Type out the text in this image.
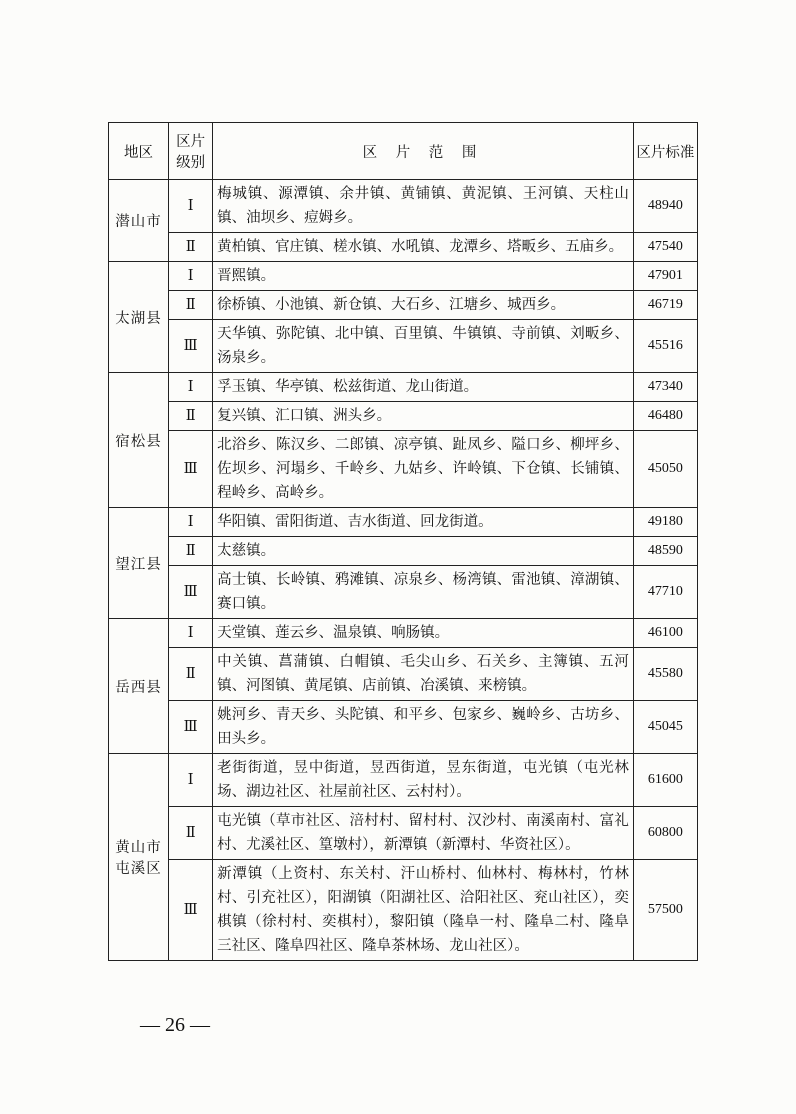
地区	区片级别	区 片 范 围	区片标准
潜山市	Ⅰ	梅城镇、源潭镇、余井镇、黄铺镇、黄泥镇、王河镇、天柱山镇、油坝乡、痘姆乡。	48940
	Ⅱ	黄柏镇、官庄镇、槎水镇、水吼镇、龙潭乡、塔畈乡、五庙乡。	47540
太湖县	Ⅰ	晋熙镇。	47901
	Ⅱ	徐桥镇、小池镇、新仓镇、大石乡、江塘乡、城西乡。	46719
	Ⅲ	天华镇、弥陀镇、北中镇、百里镇、牛镇镇、寺前镇、刘畈乡、汤泉乡。	45516
宿松县	Ⅰ	孚玉镇、华亭镇、松兹街道、龙山街道。	47340
	Ⅱ	复兴镇、汇口镇、洲头乡。	46480
	Ⅲ	北浴乡、陈汉乡、二郎镇、凉亭镇、趾凤乡、隘口乡、柳坪乡、佐坝乡、河塌乡、千岭乡、九姑乡、许岭镇、下仓镇、长铺镇、程岭乡、高岭乡。	45050
望江县	Ⅰ	华阳镇、雷阳街道、吉水街道、回龙街道。	49180
	Ⅱ	太慈镇。	48590
	Ⅲ	高士镇、长岭镇、鸦滩镇、凉泉乡、杨湾镇、雷池镇、漳湖镇、赛口镇。	47710
岳西县	Ⅰ	天堂镇、莲云乡、温泉镇、响肠镇。	46100
	Ⅱ	中关镇、菖蒲镇、白帽镇、毛尖山乡、石关乡、主簿镇、五河镇、河图镇、黄尾镇、店前镇、冶溪镇、来榜镇。	45580
	Ⅲ	姚河乡、青天乡、头陀镇、和平乡、包家乡、巍岭乡、古坊乡、田头乡。	45045
黄山市屯溪区	Ⅰ	老街街道，昱中街道，昱西街道，昱东街道，屯光镇（屯光林场、湖边社区、社屋前社区、云村村）。	61600
	Ⅱ	屯光镇（草市社区、涪村村、留村村、汉沙村、南溪南村、富礼村、尤溪社区、篁墩村），新潭镇（新潭村、华资社区）。	60800
	Ⅲ	新潭镇（上资村、东关村、汗山桥村、仙林村、梅林村，竹林村、引充社区），阳湖镇（阳湖社区、洽阳社区、兖山社区），奕棋镇（徐村村、奕棋村），黎阳镇（隆阜一村、隆阜二村、隆阜三社区、隆阜四社区、隆阜茶林场、龙山社区）。	57500
— 26 —
